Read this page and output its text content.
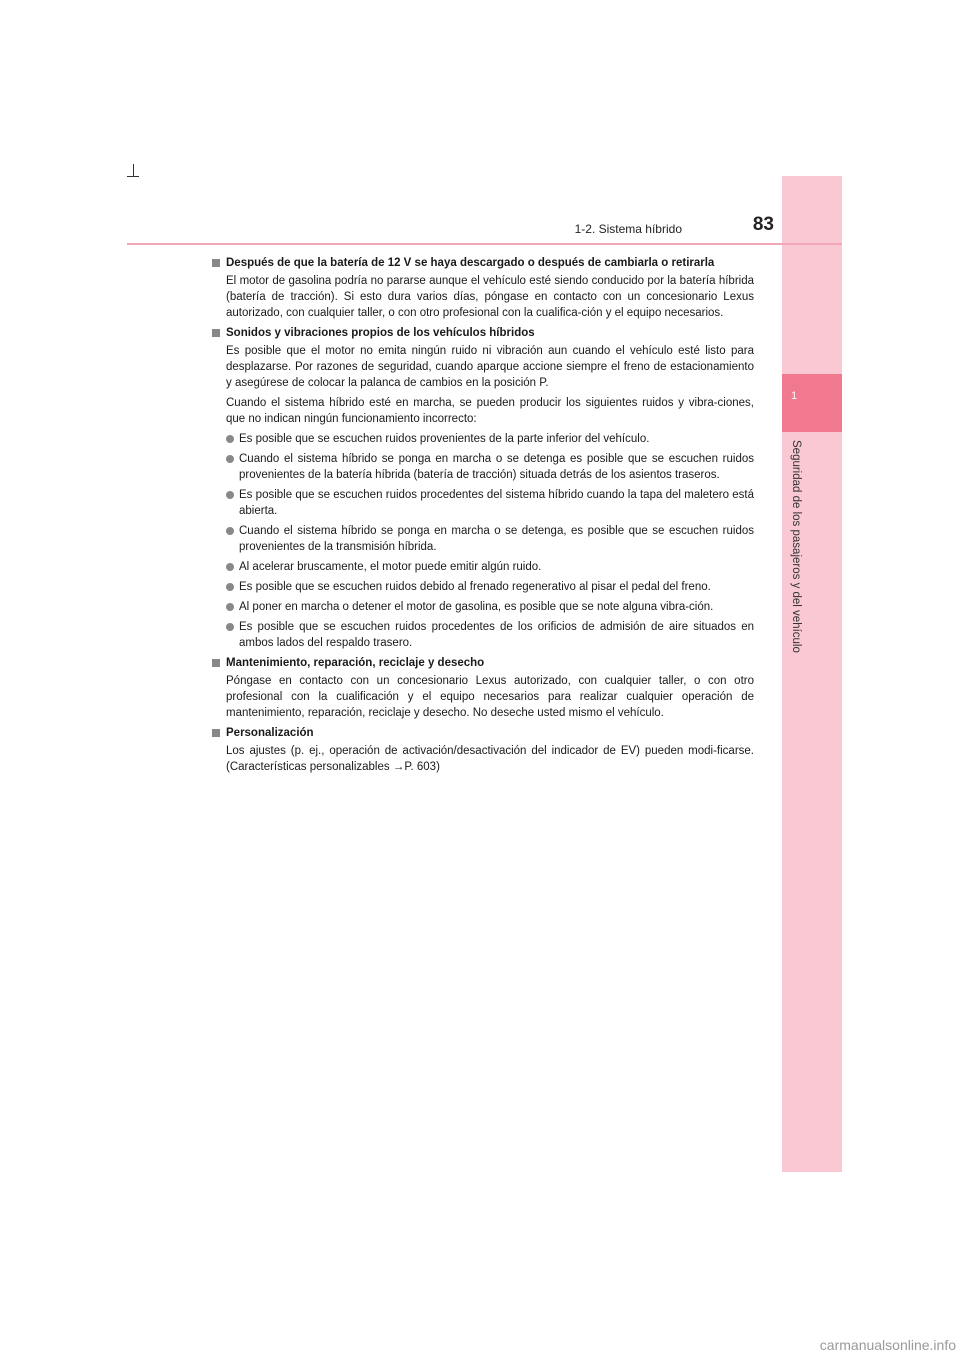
1
Seguridad de los pasajeros y del vehículo
1-2. Sistema híbrido	83
Después de que la batería de 12 V se haya descargado o después de cambiarla o retirarla

El motor de gasolina podría no pararse aunque el vehículo esté siendo conducido por la batería híbrida (batería de tracción). Si esto dura varios días, póngase en contacto con un concesionario Lexus autorizado, con cualquier taller, o con otro profesional con la cualifica-ción y el equipo necesarios.

Sonidos y vibraciones propios de los vehículos híbridos

Es posible que el motor no emita ningún ruido ni vibración aun cuando el vehículo esté listo para desplazarse. Por razones de seguridad, cuando aparque accione siempre el freno de estacionamiento y asegúrese de colocar la palanca de cambios en la posición P.

Cuando el sistema híbrido esté en marcha, se pueden producir los siguientes ruidos y vibra-ciones, que no indican ningún funcionamiento incorrecto:

Es posible que se escuchen ruidos provenientes de la parte inferior del vehículo.
Cuando el sistema híbrido se ponga en marcha o se detenga es posible que se escuchen ruidos provenientes de la batería híbrida (batería de tracción) situada detrás de los asientos traseros.
Es posible que se escuchen ruidos procedentes del sistema híbrido cuando la tapa del maletero está abierta.
Cuando el sistema híbrido se ponga en marcha o se detenga, es posible que se escuchen ruidos provenientes de la transmisión híbrida.
Al acelerar bruscamente, el motor puede emitir algún ruido.
Es posible que se escuchen ruidos debido al frenado regenerativo al pisar el pedal del freno.
Al poner en marcha o detener el motor de gasolina, es posible que se note alguna vibra-ción.
Es posible que se escuchen ruidos procedentes de los orificios de admisión de aire situados en ambos lados del respaldo trasero.
Mantenimiento, reparación, reciclaje y desecho

Póngase en contacto con un concesionario Lexus autorizado, con cualquier taller, o con otro profesional con la cualificación y el equipo necesarios para realizar cualquier operación de mantenimiento, reparación, reciclaje y desecho. No deseche usted mismo el vehículo.

Personalización

Los ajustes (p. ej., operación de activación/desactivación del indicador de EV) pueden modi-ficarse. (Características personalizables →P. 603)

carmanualsonline.info
